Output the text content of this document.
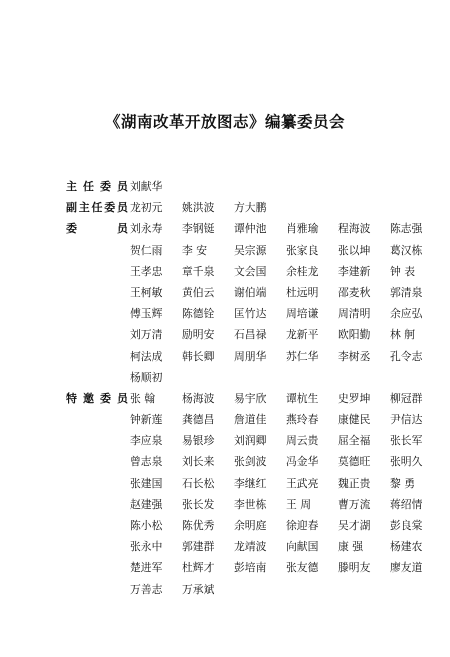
《湖南改革开放图志》编纂委员会
主任委员 刘献华
副主任委员 龙初元 姚洪波 方大鹏
委 员 刘永寿 李钢铤 谭仲池 肖雅瑜 程海波 陈志强
贺仁雨 李 安 吴宗源 张家良 张以坤 葛汉栋
王孝忠 章千泉 文会国 余桂龙 李建新 钟 表
王柯敏 黄伯云 谢伯端 杜远明 邵麦秋 郭清泉
傅玉辉 陈德铨 匡竹达 周培谦 周清明 余应弘
刘万清 励明安 石昌禄 龙新平 欧阳勤 林 舸
柯法成 韩长卿 周朋华 苏仁华 李树丞 孔令志
杨顺初
特邀委员 张 翰 杨海波 易宇欣 谭杭生 史罗坤 柳冠群
钟新莲 龚德昌 詹道佳 燕玲春 康健民 尹信达
李应泉 易银珍 刘润卿 周云贵 屈全福 张长军
曾志泉 刘长来 张剑波 冯金华 莫德旺 张明久
张建国 石长松 李继红 王武亮 魏正贵 黎 勇
赵建强 张长发 李世栋 王 周 曹万流 蒋绍情
陈小松 陈优秀 余明庭 徐迎春 吴才湖 彭良棠
张永中 郭建群 龙靖波 向献国 康 强 杨建农
楚进军 杜辉才 彭培南 张友德 滕明友 廖友道
万善志 万承斌
